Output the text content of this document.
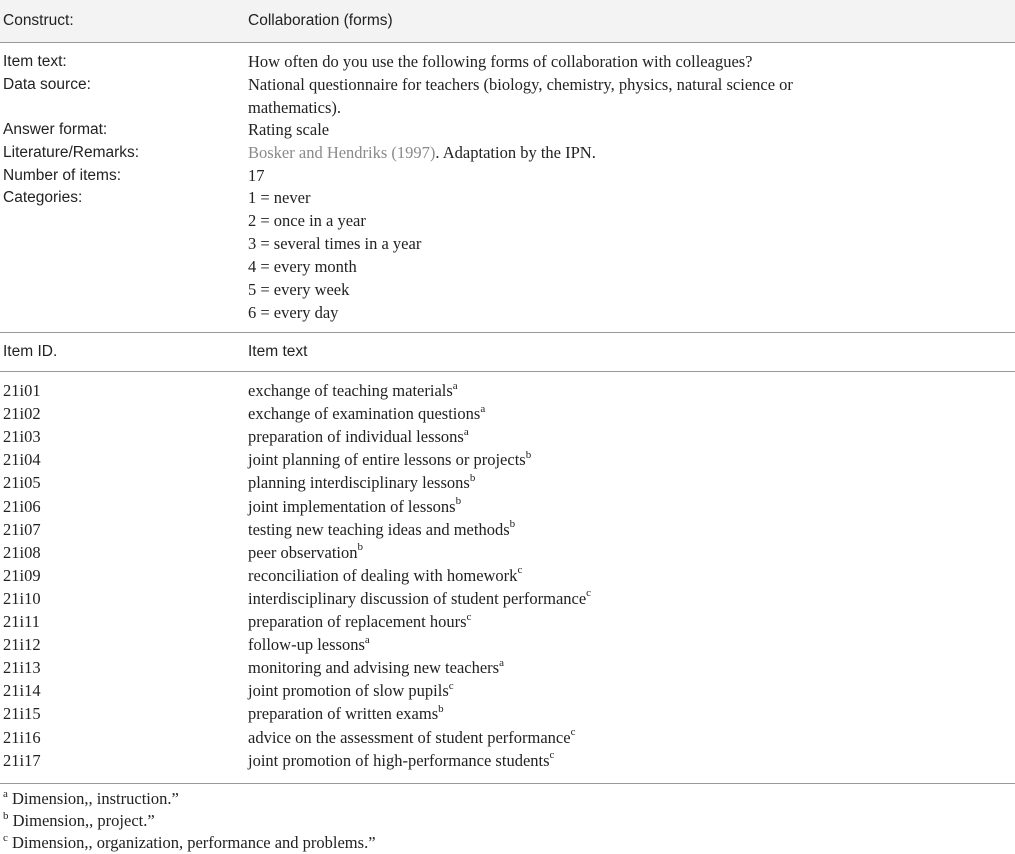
Construct:	Collaboration (forms)
Item text:	How often do you use the following forms of collaboration with colleagues?
Data source:	National questionnaire for teachers (biology, chemistry, physics, natural science or
mathematics).
Answer format:	Rating scale
Literature/Remarks:	Bosker and Hendriks (1997). Adaptation by the IPN.
Number of items:	17
Categories:	1 = never
2 = once in a year
3 = several times in a year
4 = every month
5 = every week
6 = every day
Item ID.	Item text
21i01	exchange of teaching materials$^a$
21i02	exchange of examination questions$^a$
21i03	preparation of individual lessons$^a$
21i04	joint planning of entire lessons or projects$^b$
21i05	planning interdisciplinary lessons$^b$
21i06	joint implementation of lessons$^b$
21i07	testing new teaching ideas and methods$^b$
21i08	peer observation$^b$
21i09	reconciliation of dealing with homework$^c$
21i10	interdisciplinary discussion of student performance$^c$
21i11	preparation of replacement hours$^c$
21i12	follow-up lessons$^a$
21i13	monitoring and advising new teachers$^a$
21i14	joint promotion of slow pupils$^c$
21i15	preparation of written exams$^b$
21i16	advice on the assessment of student performance$^c$
21i17	joint promotion of high-performance students$^c$
$^a$ Dimension,, instruction.”
$^b$ Dimension,, project.”
$^c$ Dimension,, organization, performance and problems.”
